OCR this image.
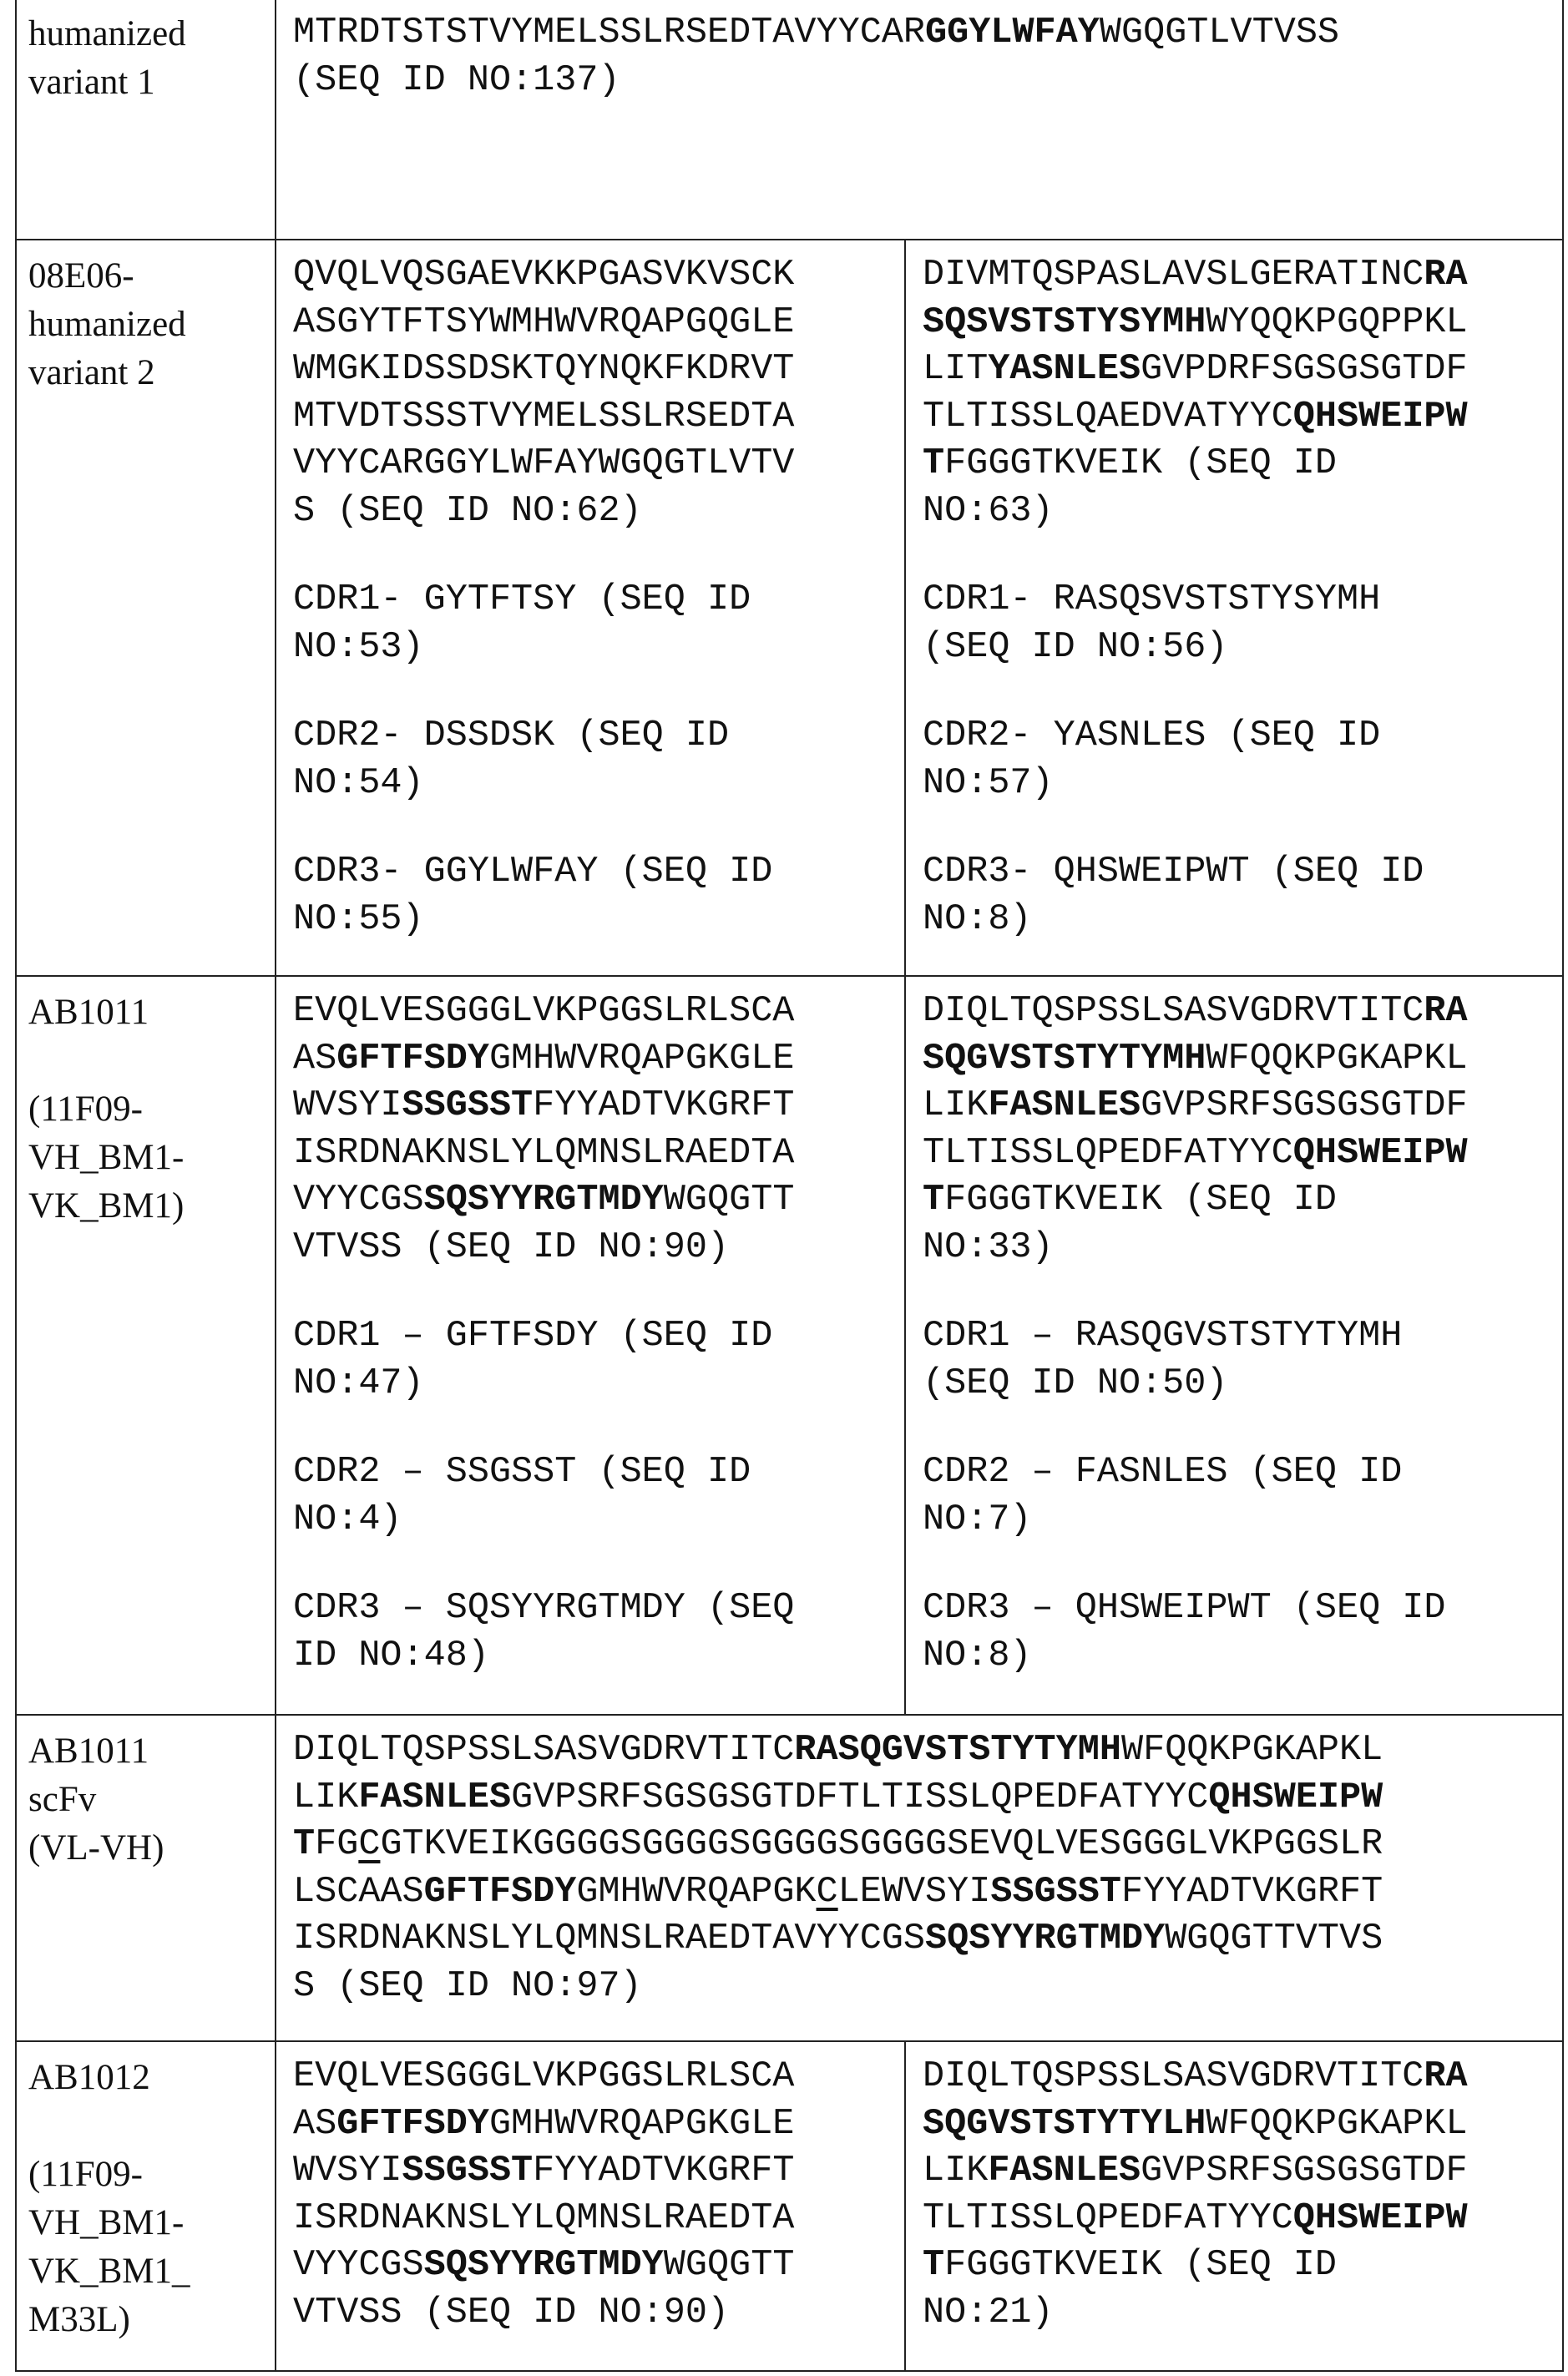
humanized
variant 1

MTRDTSTSTVYMELSSLRSEDTAVYYCARGGYLWFAYWGQGTLVTVSS
(SEQ ID NO:137)

08E06-
humanized
variant 2

QVQLVQSGAEVKKPGASVKVSCK
ASGYTFTSYWMHWVRQAPGQGLE
WMGKIDSSDSKTQYNQKFKDRVT
MTVDTSSSTVYMELSSLRSEDTA
VYYCARGGYLWFAYWGQGTLVTV
S (SEQ ID NO:62)
CDR1- GYTFTSY (SEQ ID
NO:53)
CDR2- DSSDSK (SEQ ID
NO:54)
CDR3- GGYLWFAY (SEQ ID
NO:55)

DIVMTQSPASLAVSLGERATINCRA
SQSVSTSTYSYMHWYQQKPGQPPKL
LITYASNLESGVPDRFSGSGSGTDF
TLTISSLQAEDVATYYCQHSWEIPW
TFGGGTKVEIK (SEQ ID
NO:63)
CDR1- RASQSVSTSTYSYMH
(SEQ ID NO:56)
CDR2- YASNLES (SEQ ID
NO:57)
CDR3- QHSWEIPWT (SEQ ID
NO:8)

AB1011
(11F09-
VH_BM1-
VK_BM1)

EVQLVESGGGLVKPGGSLRLSCA
ASGFTFSDYGMHWVRQAPGKGLE
WVSYISSGSSTFYYADTVKGRFT
ISRDNAKNSLYLQMNSLRAEDTA
VYYCGSSQSYYRGTMDYWGQGTT
VTVSS (SEQ ID NO:90)
CDR1 – GFTFSDY (SEQ ID
NO:47)
CDR2 – SSGSST (SEQ ID
NO:4)
CDR3 – SQSYYRGTMDY (SEQ
ID NO:48)

DIQLTQSPSSLSASVGDRVTITCRA
SQGVSTSTYTYMHWFQQKPGKAPKL
LIKFASNLESGVPSRFSGSGSGTDF
TLTISSLQPEDFATYYCQHSWEIPW
TFGGGTKVEIK (SEQ ID
NO:33)
CDR1 – RASQGVSTSTYTYMH
(SEQ ID NO:50)
CDR2 – FASNLES (SEQ ID
NO:7)
CDR3 – QHSWEIPWT (SEQ ID
NO:8)

AB1011
scFv
(VL-VH)

DIQLTQSPSSLSASVGDRVTITCRASQGVSTSTYTYMHWFQQKPGKAPKL
LIKFASNLESGVPSRFSGSGSGTDFTLTISSLQPEDFATYYCQHSWEIPW
TFGCGTKVEIKGGGGSGGGGSGGGGSGGGGSEVQLVESGGGLVKPGGSLR
LSCAASGFTFSDYGMHWVRQAPGKCLEWVSYISSGSSTFYYADTVKGRFT
ISRDNAKNSLYLQMNSLRAEDTAVYYCGSSQSYYRGTMDYWGQGTTVTVS
S (SEQ ID NO:97)

AB1012
(11F09-
VH_BM1-
VK_BM1_
M33L)

EVQLVESGGGLVKPGGSLRLSCA
ASGFTFSDYGMHWVRQAPGKGLE
WVSYISSGSSTFYYADTVKGRFT
ISRDNAKNSLYLQMNSLRAEDTA
VYYCGSSQSYYRGTMDYWGQGTT
VTVSS (SEQ ID NO:90)

DIQLTQSPSSLSASVGDRVTITCRA
SQGVSTSTYTYLHWFQQKPGKAPKL
LIKFASNLESGVPSRFSGSGSGTDF
TLTISSLQPEDFATYYCQHSWEIPW
TFGGGTKVEIK (SEQ ID
NO:21)
